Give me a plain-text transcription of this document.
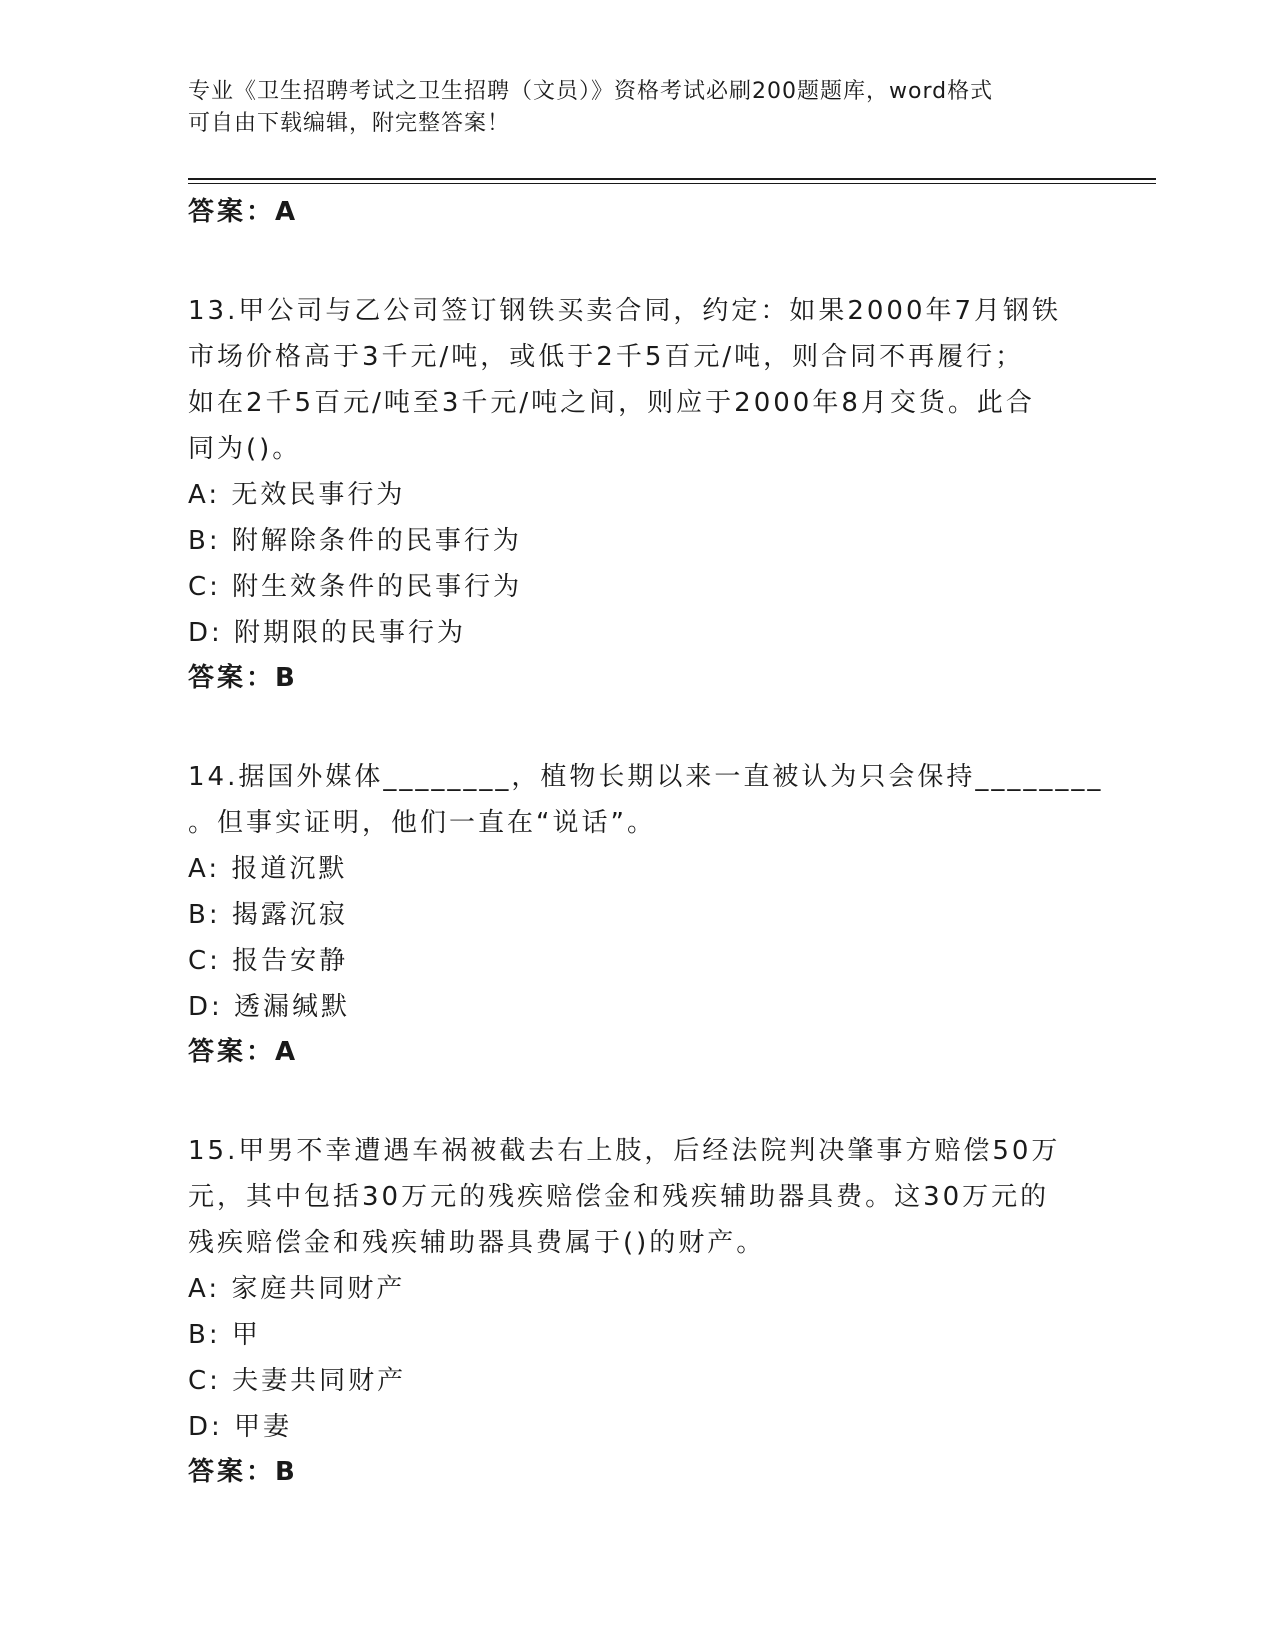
专业《卫生招聘考试之卫生招聘（文员）》资格考试必刷200题题库，word格式
可自由下载编辑，附完整答案！
答案：A
13.甲公司与乙公司签订钢铁买卖合同，约定：如果2000年7月钢铁
市场价格高于3千元/吨，或低于2千5百元/吨，则合同不再履行；
如在2千5百元/吨至3千元/吨之间，则应于2000年8月交货。此合
同为()。
A: 无效民事行为
B: 附解除条件的民事行为
C: 附生效条件的民事行为
D: 附期限的民事行为
答案：B
14.据国外媒体________，植物长期以来一直被认为只会保持________
。但事实证明，他们一直在“说话”。
A: 报道沉默
B: 揭露沉寂
C: 报告安静
D: 透漏缄默
答案：A
15.甲男不幸遭遇车祸被截去右上肢，后经法院判决肇事方赔偿50万
元，其中包括30万元的残疾赔偿金和残疾辅助器具费。这30万元的
残疾赔偿金和残疾辅助器具费属于()的财产。
A: 家庭共同财产
B: 甲
C: 夫妻共同财产
D: 甲妻
答案：B
